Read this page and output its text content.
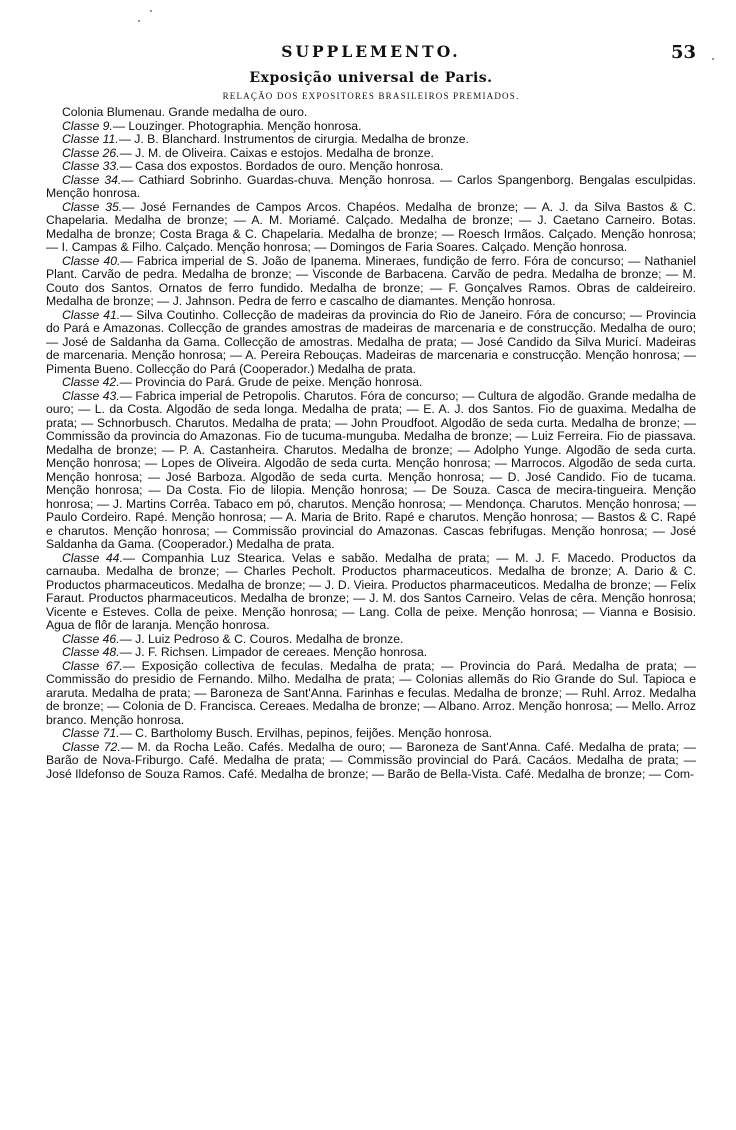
SUPPLEMENTO.	53
Exposição universal de Paris.
RELAÇÃO DOS EXPOSITORES BRASILEIROS PREMIADOS.

Colonia Blumenau. Grande medalha de ouro.

Classe 9.— Louzinger. Photographia. Menção honrosa.

Classe 11.— J. B. Blanchard. Instrumentos de cirurgia. Medalha de bronze.

Classe 26.— J. M. de Oliveira. Caixas e estojos. Medalha de bronze.

Classe 33.— Casa dos expostos. Bordados de ouro. Menção honrosa.

Classe 34.— Cathiard Sobrinho. Guardas-chuva. Menção honrosa. — Carlos Spangenborg. Bengalas esculpidas. Menção honrosa.

Classe 35.— José Fernandes de Campos Arcos. Chapéos. Medalha de bronze; — A. J. da Silva Bastos & C. Chapelaria. Medalha de bronze; — A. M. Moriamé. Calçado. Medalha de bronze; — J. Caetano Carneiro. Botas. Medalha de bronze; Costa Braga & C. Chapelaria. Medalha de bronze; — Roesch Irmãos. Calçado. Menção honrosa; — I. Campas & Filho. Calçado. Menção honrosa; — Domingos de Faria Soares. Calçado. Menção honrosa.

Classe 40.— Fabrica imperial de S. João de Ipanema. Mineraes, fundição de ferro. Fóra de concurso; — Nathaniel Plant. Carvão de pedra. Medalha de bronze; — Visconde de Barbacena. Carvão de pedra. Medalha de bronze; — M. Couto dos Santos. Ornatos de ferro fundido. Medalha de bronze; — F. Gonçalves Ramos. Obras de caldeireiro. Medalha de bronze; — J. Jahnson. Pedra de ferro e cascalho de diamantes. Menção honrosa.

Classe 41.— Silva Coutinho. Collecção de madeiras da provincia do Rio de Janeiro. Fóra de concurso; — Provincia do Pará e Amazonas. Collecção de grandes amostras de madeiras de marcenaria e de construcção. Medalha de ouro; — José de Saldanha da Gama. Collecção de amostras. Medalha de prata; — José Candido da Silva Muricí. Madeiras de marcenaria. Menção honrosa; — A. Pereira Rebouças. Madeiras de marcenaria e construcção. Menção honrosa; — Pimenta Bueno. Collecção do Pará (Cooperador.) Medalha de prata.

Classe 42.— Provincia do Pará. Grude de peixe. Menção honrosa.

Classe 43.— Fabrica imperial de Petropolis. Charutos. Fóra de concurso; — Cultura de algodão. Grande medalha de ouro; — L. da Costa. Algodão de seda longa. Medalha de prata; — E. A. J. dos Santos. Fio de guaxima. Medalha de prata; — Schnorbusch. Charutos. Medalha de prata; — John Proudfoot. Algodão de seda curta. Medalha de bronze; — Commissão da provincia do Amazonas. Fio de tucuma-munguba. Medalha de bronze; — Luiz Ferreira. Fio de piassava. Medalha de bronze; — P. A. Castanheira. Charutos. Medalha de bronze; — Adolpho Yunge. Algodão de seda curta. Menção honrosa; — Lopes de Oliveira. Algodão de seda curta. Menção honrosa; — Marrocos. Algodão de seda curta. Menção honrosa; — José Barboza. Algodão de seda curta. Menção honrosa; — D. José Candido. Fio de tucama. Menção honrosa; — Da Costa. Fio de lilopia. Menção honrosa; — De Souza. Casca de mecira-tingueira. Menção honrosa; — J. Martins Corrêa. Tabaco em pó, charutos. Menção honrosa; — Mendonça. Charutos. Menção honrosa; — Paulo Cordeiro. Rapé. Menção honrosa; — A. Maria de Brito. Rapé e charutos. Menção honrosa; — Bastos & C. Rapé e charutos. Menção honrosa; — Commissão provincial do Amazonas. Cascas febrifugas. Menção honrosa; — José Saldanha da Gama. (Cooperador.) Medalha de prata.

Classe 44.— Companhia Luz Stearica. Velas e sabão. Medalha de prata; — M. J. F. Macedo. Productos da carnauba. Medalha de bronze; — Charles Pecholt. Productos pharmaceuticos. Medalha de bronze; A. Dario & C. Productos pharmaceuticos. Medalha de bronze; — J. D. Vieira. Productos pharmaceuticos. Medalha de bronze; — Felix Faraut. Productos pharmaceuticos. Medalha de bronze; — J. M. dos Santos Carneiro. Velas de cêra. Menção honrosa; Vicente e Esteves. Colla de peixe. Menção honrosa; — Lang. Colla de peixe. Menção honrosa; — Vianna e Bosisio. Agua de flôr de laranja. Menção honrosa.

Classe 46.— J. Luiz Pedroso & C. Couros. Medalha de bronze.

Classe 48.— J. F. Richsen. Limpador de cereaes. Menção honrosa.

Classe 67.— Exposição collectiva de feculas. Medalha de prata; — Provincia do Pará. Medalha de prata; — Commissão do presidio de Fernando. Milho. Medalha de prata; — Colonias allemãs do Rio Grande do Sul. Tapioca e araruta. Medalha de prata; — Baroneza de Sant'Anna. Farinhas e feculas. Medalha de bronze; — Ruhl. Arroz. Medalha de bronze; — Colonia de D. Francisca. Cereaes. Medalha de bronze; — Albano. Arroz. Menção honrosa; — Mello. Arroz branco. Menção honrosa.

Classe 71.— C. Bartholomy Busch. Ervilhas, pepinos, feijões. Menção honrosa.

Classe 72.— M. da Rocha Leão. Cafés. Medalha de ouro; — Baroneza de Sant'Anna. Café. Medalha de prata; — Barão de Nova-Friburgo. Café. Medalha de prata; — Commissão provincial do Pará. Cacáos. Medalha de prata; — José Ildefonso de Souza Ramos. Café. Medalha de bronze; — Barão de Bella-Vista. Café. Medalha de bronze; — Com-
